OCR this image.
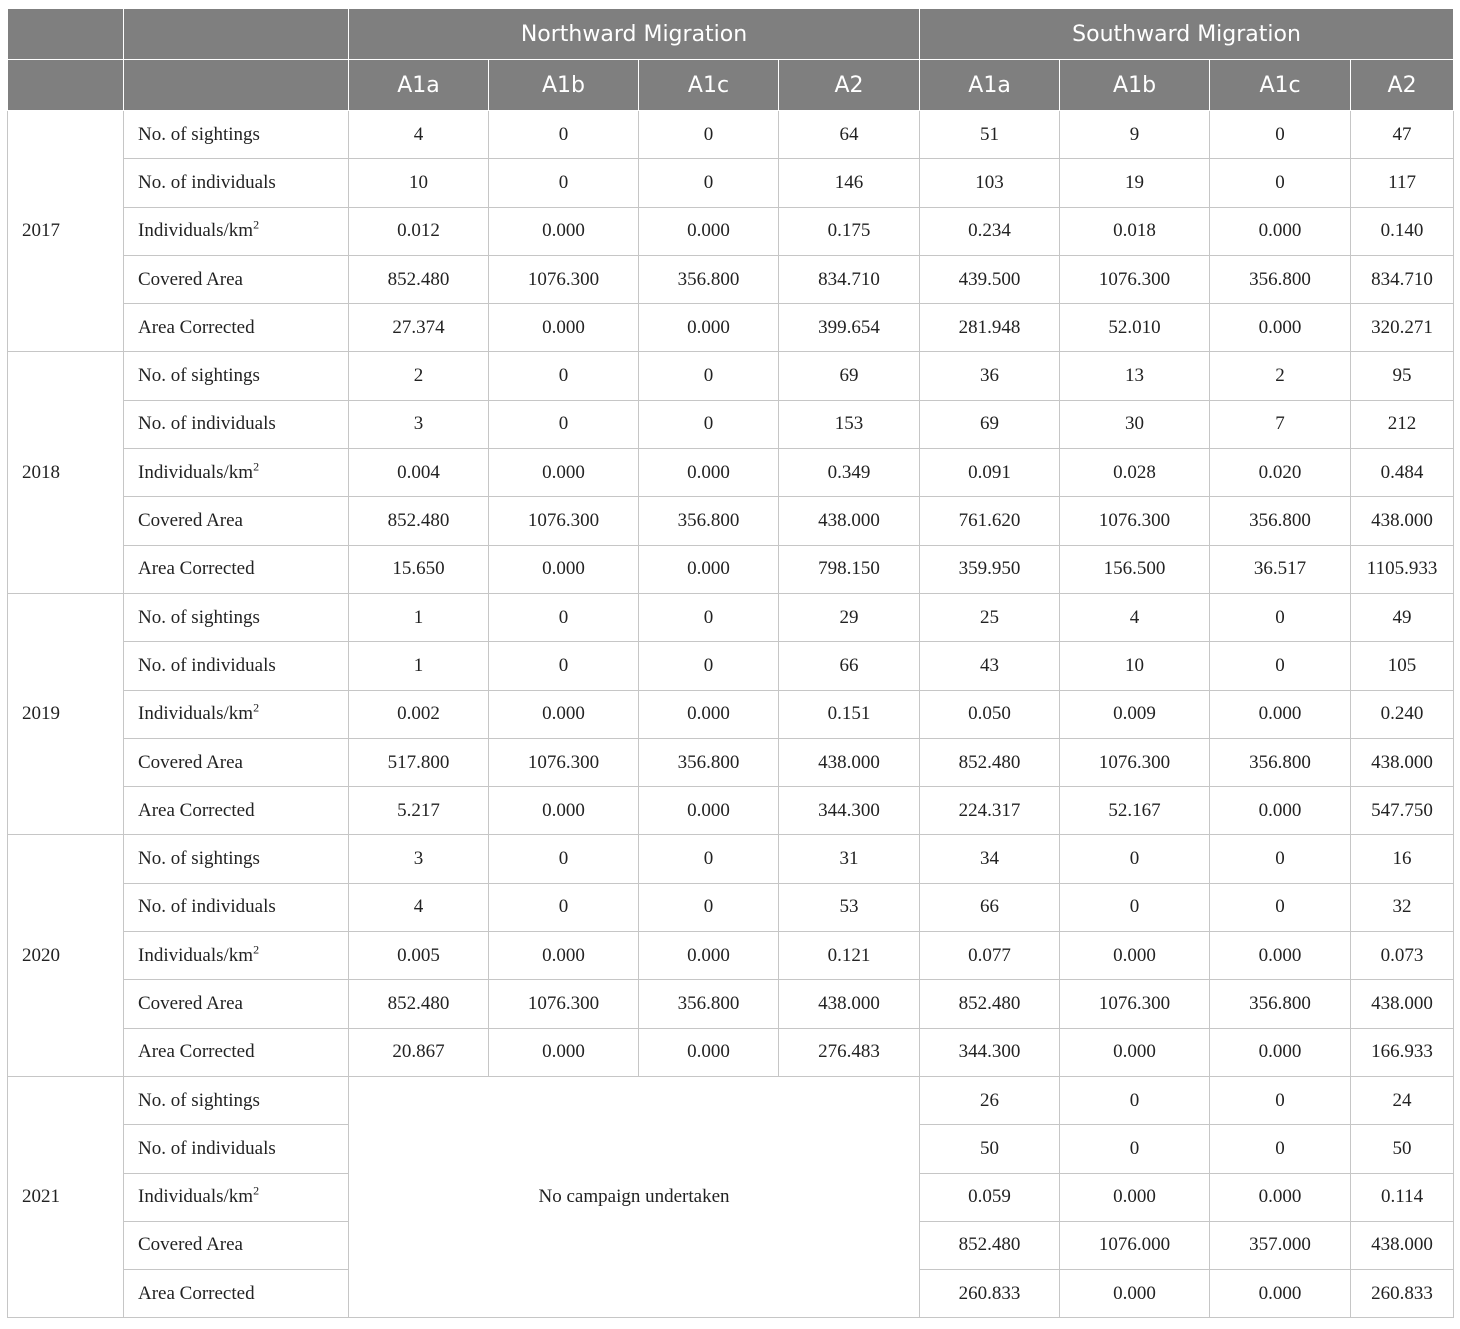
		Northward Migration				Southward Migration			
		A1a	A1b	A1c	A2	A1a	A1b	A1c	A2
2017	No. of sightings	4	0	0	64	51	9	0	47
	No. of individuals	10	0	0	146	103	19	0	117
	Individuals/$km^2$	0.012	0.000	0.000	0.175	0.234	0.018	0.000	0.140
	Covered Area	852.480	1076.300	356.800	834.710	439.500	1076.300	356.800	834.710
	Area Corrected	27.374	0.000	0.000	399.654	281.948	52.010	0.000	320.271
2018	No. of sightings	2	0	0	69	36	13	2	95
	No. of individuals	3	0	0	153	69	30	7	212
	Individuals/$km^2$	0.004	0.000	0.000	0.349	0.091	0.028	0.020	0.484
	Covered Area	852.480	1076.300	356.800	438.000	761.620	1076.300	356.800	438.000
	Area Corrected	15.650	0.000	0.000	798.150	359.950	156.500	36.517	1105.933
2019	No. of sightings	1	0	0	29	25	4	0	49
	No. of individuals	1	0	0	66	43	10	0	105
	Individuals/$km^2$	0.002	0.000	0.000	0.151	0.050	0.009	0.000	0.240
	Covered Area	517.800	1076.300	356.800	438.000	852.480	1076.300	356.800	438.000
	Area Corrected	5.217	0.000	0.000	344.300	224.317	52.167	0.000	547.750
2020	No. of sightings	3	0	0	31	34	0	0	16
	No. of individuals	4	0	0	53	66	0	0	32
	Individuals/$km^2$	0.005	0.000	0.000	0.121	0.077	0.000	0.000	0.073
	Covered Area	852.480	1076.300	356.800	438.000	852.480	1076.300	356.800	438.000
	Area Corrected	20.867	0.000	0.000	276.483	344.300	0.000	0.000	166.933
2021	No. of sightings	No campaign undertaken				26	0	0	24
	No. of individuals					50	0	0	50
	Individuals/$km^2$					0.059	0.000	0.000	0.114
	Covered Area					852.480	1076.000	357.000	438.000
	Area Corrected					260.833	0.000	0.000	260.833
